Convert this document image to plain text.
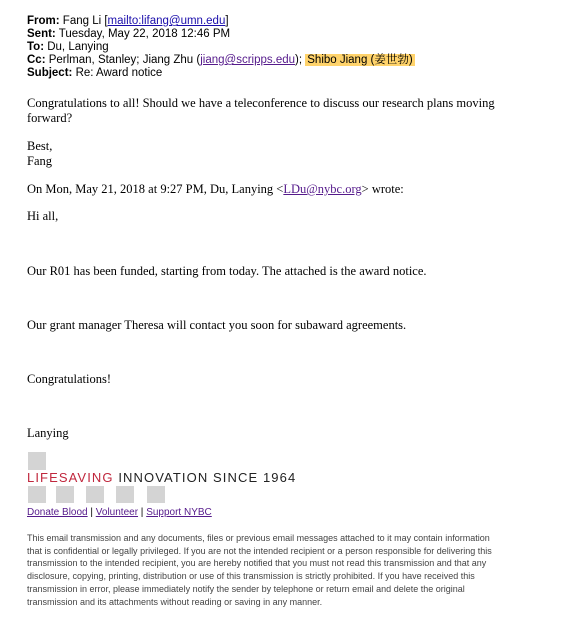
From: Fang Li [mailto:lifang@umn.edu]
Sent: Tuesday, May 22, 2018 12:46 PM
To: Du, Lanying
Cc: Perlman, Stanley; Jiang Zhu (jiang@scripps.edu); Shibo Jiang (姜世勃)
Subject: Re: Award notice
Congratulations to all! Should we have a teleconference to discuss our research plans moving forward?
Best,
Fang
On Mon, May 21, 2018 at 9:27 PM, Du, Lanying <LDu@nybc.org> wrote:
Hi all,
Our R01 has been funded, starting from today. The attached is the award notice.
Our grant manager Theresa will contact you soon for subaward agreements.
Congratulations!
Lanying
LIFESAVING INNOVATION SINCE 1964
Donate Blood | Volunteer | Support NYBC
This email transmission and any documents, files or previous email messages attached to it may contain information that is confidential or legally privileged. If you are not the intended recipient or a person responsible for delivering this transmission to the intended recipient, you are hereby notified that you must not read this transmission and that any disclosure, copying, printing, distribution or use of this transmission is strictly prohibited. If you have received this transmission in error, please immediately notify the sender by telephone or return email and delete the original transmission and its attachments without reading or saving in any manner.
